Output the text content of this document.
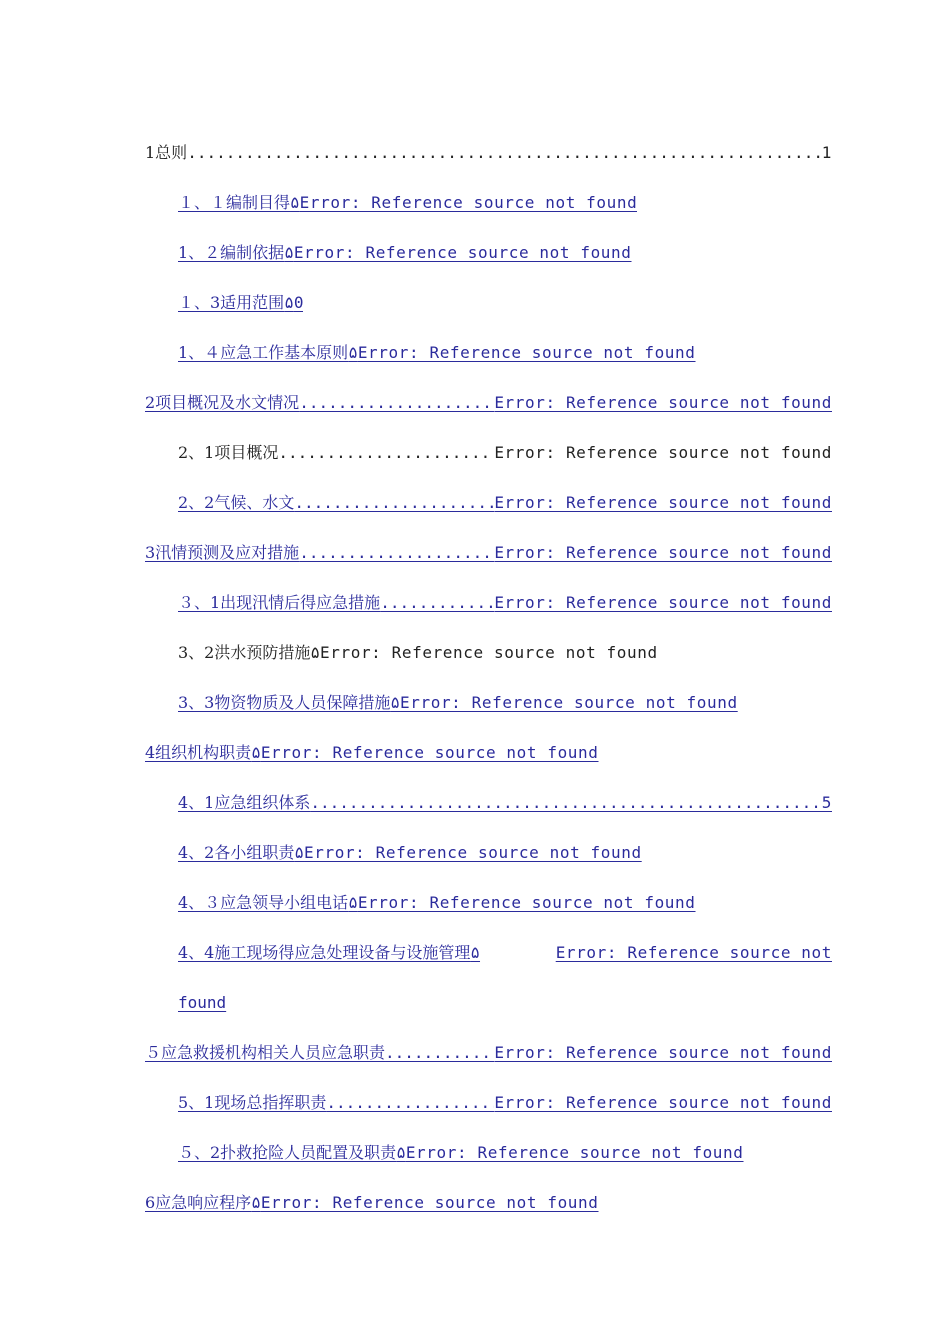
1总则 .....	1
１、１编制目得۵Error: Reference source not found
1、２编制依据۵Error: Reference source not found
１、3适用范围۵0
1、４应急工作基本原则۵Error: Reference source not found
2项目概况及水文情况 .....	Error: Reference source not found
2、1项目概况 .....	Error: Reference source not found
2、2气候、水文 .....	Error: Reference source not found
3汛情预测及应对措施 .....	Error: Reference source not found
３、1出现汛情后得应急措施 .....	Error: Reference source not found
3、2洪水预防措施۵Error: Reference source not found
3、3物资物质及人员保障措施۵Error: Reference source not found
4组织机构职责۵Error: Reference source not found
4、1应急组织体系 .....	5
4、2各小组职责۵Error: Reference source not found
4、３应急领导小组电话۵Error: Reference source not found
4、4施工现场得应急处理设备与设施管理 ۵	Error: Reference source not
found
５应急救援机构相关人员应急职责 .....	Error: Reference source not found
5、1现场总指挥职责 .....	Error: Reference source not found
５、2扑救抢险人员配置及职责۵Error: Reference source not found
6应急响应程序۵Error: Reference source not found
